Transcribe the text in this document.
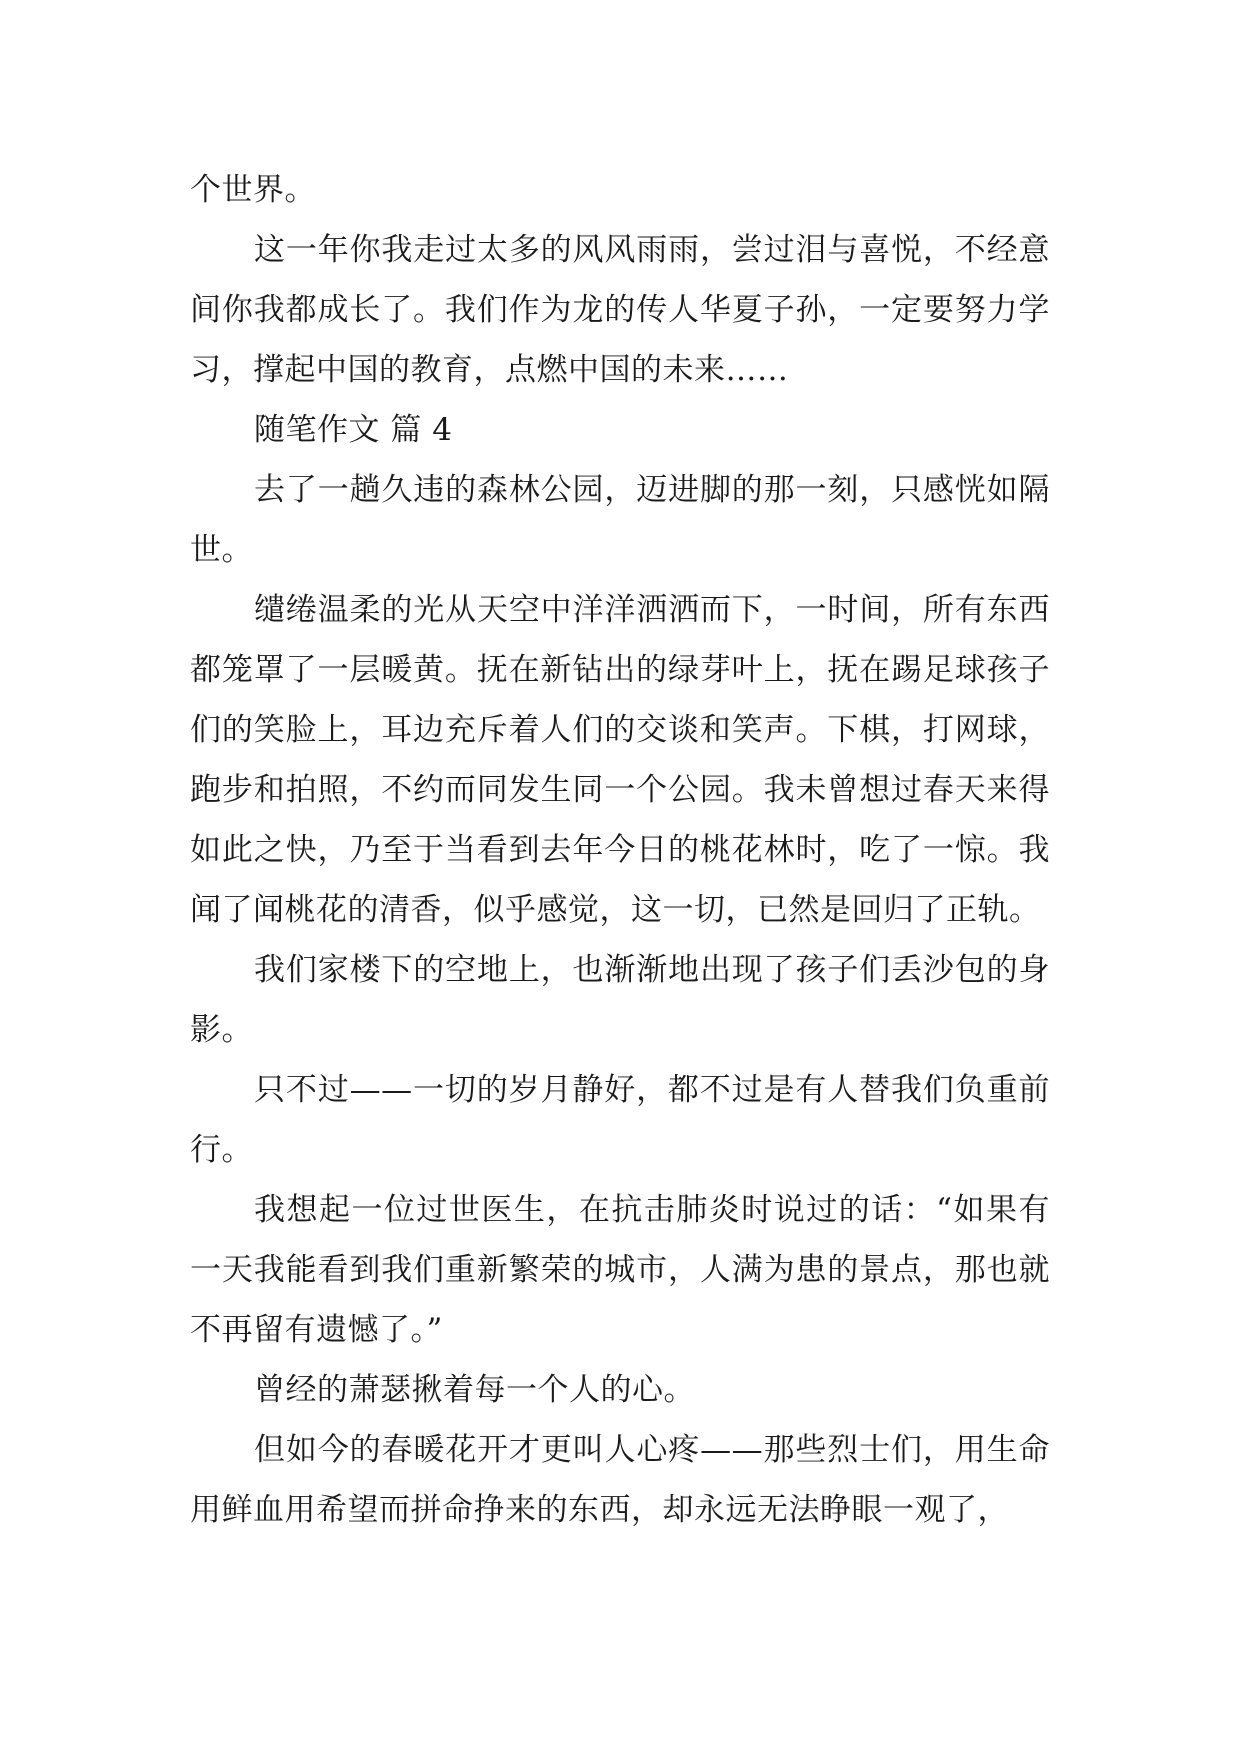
个世界。

这一年你我走过太多的风风雨雨，尝过泪与喜悦，不经意间你我都成长了。我们作为龙的传人华夏子孙，一定要努力学习，撑起中国的教育，点燃中国的未来……

随笔作文 篇 4

去了一趟久违的森林公园，迈进脚的那一刻，只感恍如隔世。

缱绻温柔的光从天空中洋洋洒洒而下，一时间，所有东西都笼罩了一层暖黄。抚在新钻出的绿芽叶上，抚在踢足球孩子们的笑脸上，耳边充斥着人们的交谈和笑声。下棋，打网球，跑步和拍照，不约而同发生同一个公园。我未曾想过春天来得如此之快，乃至于当看到去年今日的桃花林时，吃了一惊。我闻了闻桃花的清香，似乎感觉，这一切，已然是回归了正轨。

我们家楼下的空地上，也渐渐地出现了孩子们丢沙包的身影。

只不过——一切的岁月静好，都不过是有人替我们负重前行。

我想起一位过世医生，在抗击肺炎时说过的话：“如果有一天我能看到我们重新繁荣的城市，人满为患的景点，那也就不再留有遗憾了。”

曾经的萧瑟揪着每一个人的心。

但如今的春暖花开才更叫人心疼——那些烈士们，用生命用鲜血用希望而拼命挣来的东西，却永远无法睁眼一观了，
